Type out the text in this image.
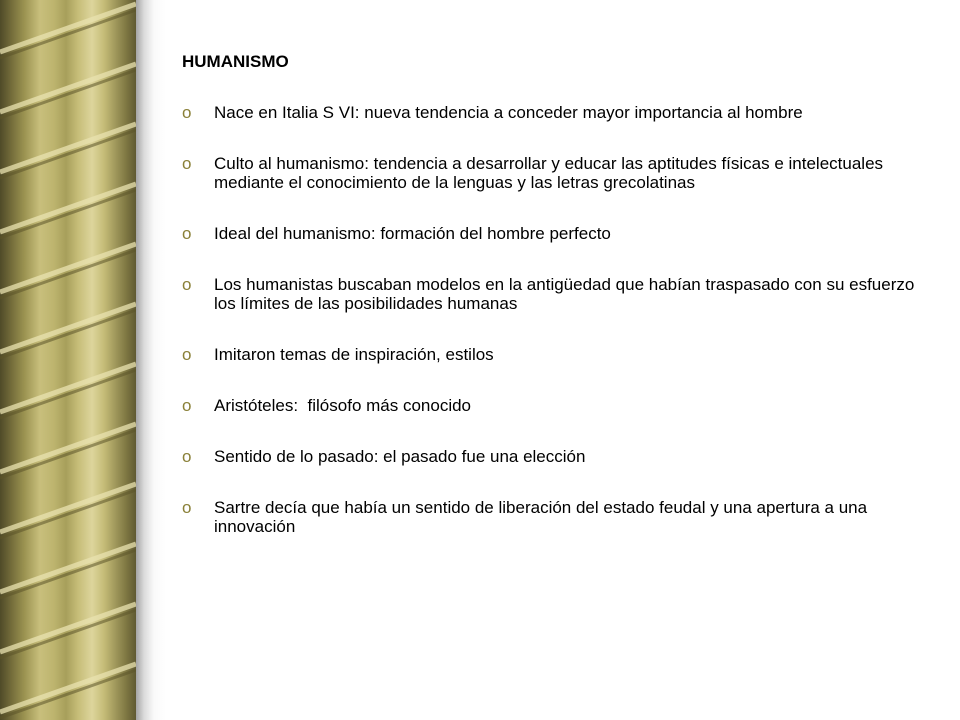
HUMANISMO
o Nace en Italia S VI: nueva tendencia a conceder mayor importancia al hombre
o Culto al humanismo: tendencia a desarrollar y educar las aptitudes físicas e intelectuales mediante el conocimiento de la lenguas y las letras grecolatinas
o Ideal del humanismo: formación del hombre perfecto
o Los humanistas buscaban modelos en la antigüedad que habían traspasado con su esfuerzo los límites de las posibilidades humanas
o Imitaron temas de inspiración, estilos
o Aristóteles:  filósofo más conocido
o Sentido de lo pasado: el pasado fue una elección
o Sartre decía que había un sentido de liberación del estado feudal y una apertura a una innovación
